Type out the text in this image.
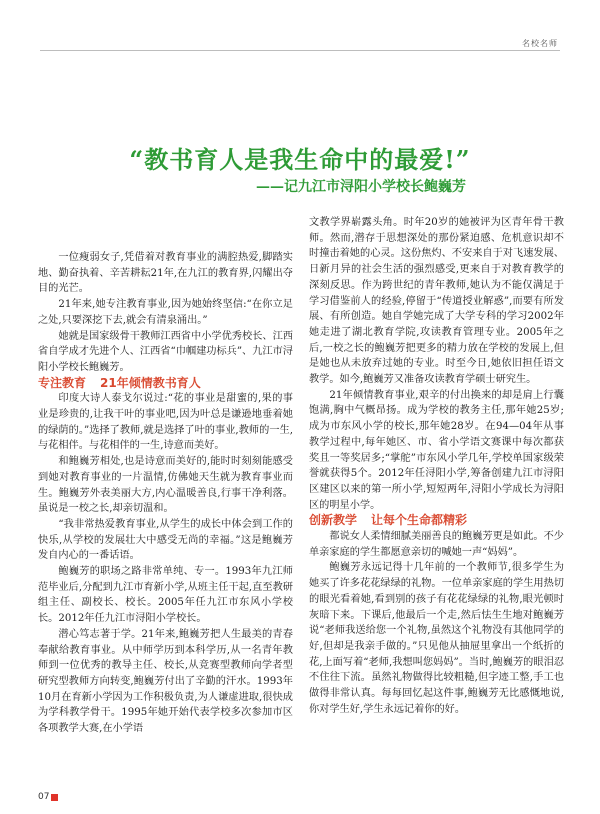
名校名师
“教书育人是我生命中的最爱!”
——记九江市浔阳小学校长鲍巍芳

一位瘦弱女子,凭借着对教育事业的满腔热爱,脚踏实地、勤奋执着、辛苦耕耘21年,在九江的教育界,闪耀出夺目的光芒。

21年来,她专注教育事业,因为她始终坚信:“在你立足之处,只要深挖下去,就会有清泉涌出。”

她就是国家级骨干教师江西省中小学优秀校长、江西省自学成才先进个人、江西省“巾帼建功标兵”、九江市浔阳小学校长鲍巍芳。

专注教育 21年倾情教书育人

印度大诗人泰戈尔说过:“花的事业是甜蜜的,果的事业是珍贵的,让我干叶的事业吧,因为叶总是谦逊地垂着她的绿荫的。”选择了教师,就是选择了叶的事业,教师的一生,与花相伴。与花相伴的一生,诗意而美好。

和鲍巍芳相处,也是诗意而美好的,能时时刻刻能感受到她对教育事业的一片温情,仿佛她天生就为教育事业而生。鲍巍芳外表美丽大方,内心温暖善良,行事干净利落。虽说是一校之长,却亲切温和。

“我非常热爱教育事业,从学生的成长中体会到工作的快乐,从学校的发展壮大中感受无尚的幸福。”这是鲍巍芳发自内心的一番话语。

鲍巍芳的职场之路非常单纯、专一。1993年九江师范毕业后,分配到九江市育新小学,从班主任干起,直至教研组主任、副校长、校长。2005年任九江市东风小学校长。2012年任九江市浔阳小学校长。

潜心笃志著于学。21年来,鲍巍芳把人生最美的青春奉献给教育事业。从中师学历到本科学历,从一名青年教师到一位优秀的教导主任、校长,从竞赛型教师向学者型研究型教师方向转变,鲍巍芳付出了辛勤的汗水。1993年10月在育新小学因为工作积极负责,为人谦虚进取,很快成为学科教学骨干。1995年她开始代表学校多次参加市区各项教学大赛,在小学语

文教学界崭露头角。时年20岁的她被评为区青年骨干教师。然而,潜存于思想深处的那份紧迫感、危机意识却不时撞击着她的心灵。这份焦灼、不安来自于对飞速发展、日新月异的社会生活的强烈感受,更来自于对教育教学的深刻反思。作为跨世纪的青年教师,她认为不能仅满足于学习借鉴前人的经验,停留于“传道授业解惑”,而要有所发展、有所创造。她自学她完成了大学专科的学习2002年她走进了湖北教育学院,攻读教育管理专业。2005年之后,一校之长的鲍巍芳把更多的精力放在学校的发展上,但是她也从未放弃过她的专业。时至今日,她依旧担任语文教学。如今,鲍巍芳又准备攻读教育学硕士研究生。

21年倾情教育事业,艰辛的付出换来的却是肩上行囊饱满,胸中气概昂扬。成为学校的教务主任,那年她25岁;成为市东风小学的校长,那年她28岁。在94—04年从事教学过程中,每年她区、市、省小学语文赛课中每次都获奖且一等奖居多;“掌舵”市东风小学几年,学校单国家级荣誉就获得5个。2012年任浔阳小学,筹备创建九江市浔阳区建区以来的第一所小学,短短两年,浔阳小学成长为浔阳区的明星小学。

创新教学 让每个生命都精彩

都说女人柔情细腻美丽善良的鲍巍芳更是如此。不少单亲家庭的学生都愿意亲切的喊她一声“妈妈”。

鲍巍芳永远记得十几年前的一个教师节,很多学生为她买了许多花花绿绿的礼物。一位单亲家庭的学生用热切的眼光看着她,看到别的孩子有花花绿绿的礼物,眼光顿时灰暗下来。下课后,他最后一个走,然后怯生生地对鲍巍芳说“老师我送给您一个礼物,虽然这个礼物没有其他同学的好,但却是我亲手做的。”只见他从抽屉里拿出一个纸折的花,上面写着“老师,我想叫您妈妈”。当时,鲍巍芳的眼泪忍不住往下流。虽然礼物做得比较粗糙,但字迹工整,手工也做得非常认真。每每回忆起这件事,鲍巍芳无比感慨地说,你对学生好,学生永远记着你的好。

07
